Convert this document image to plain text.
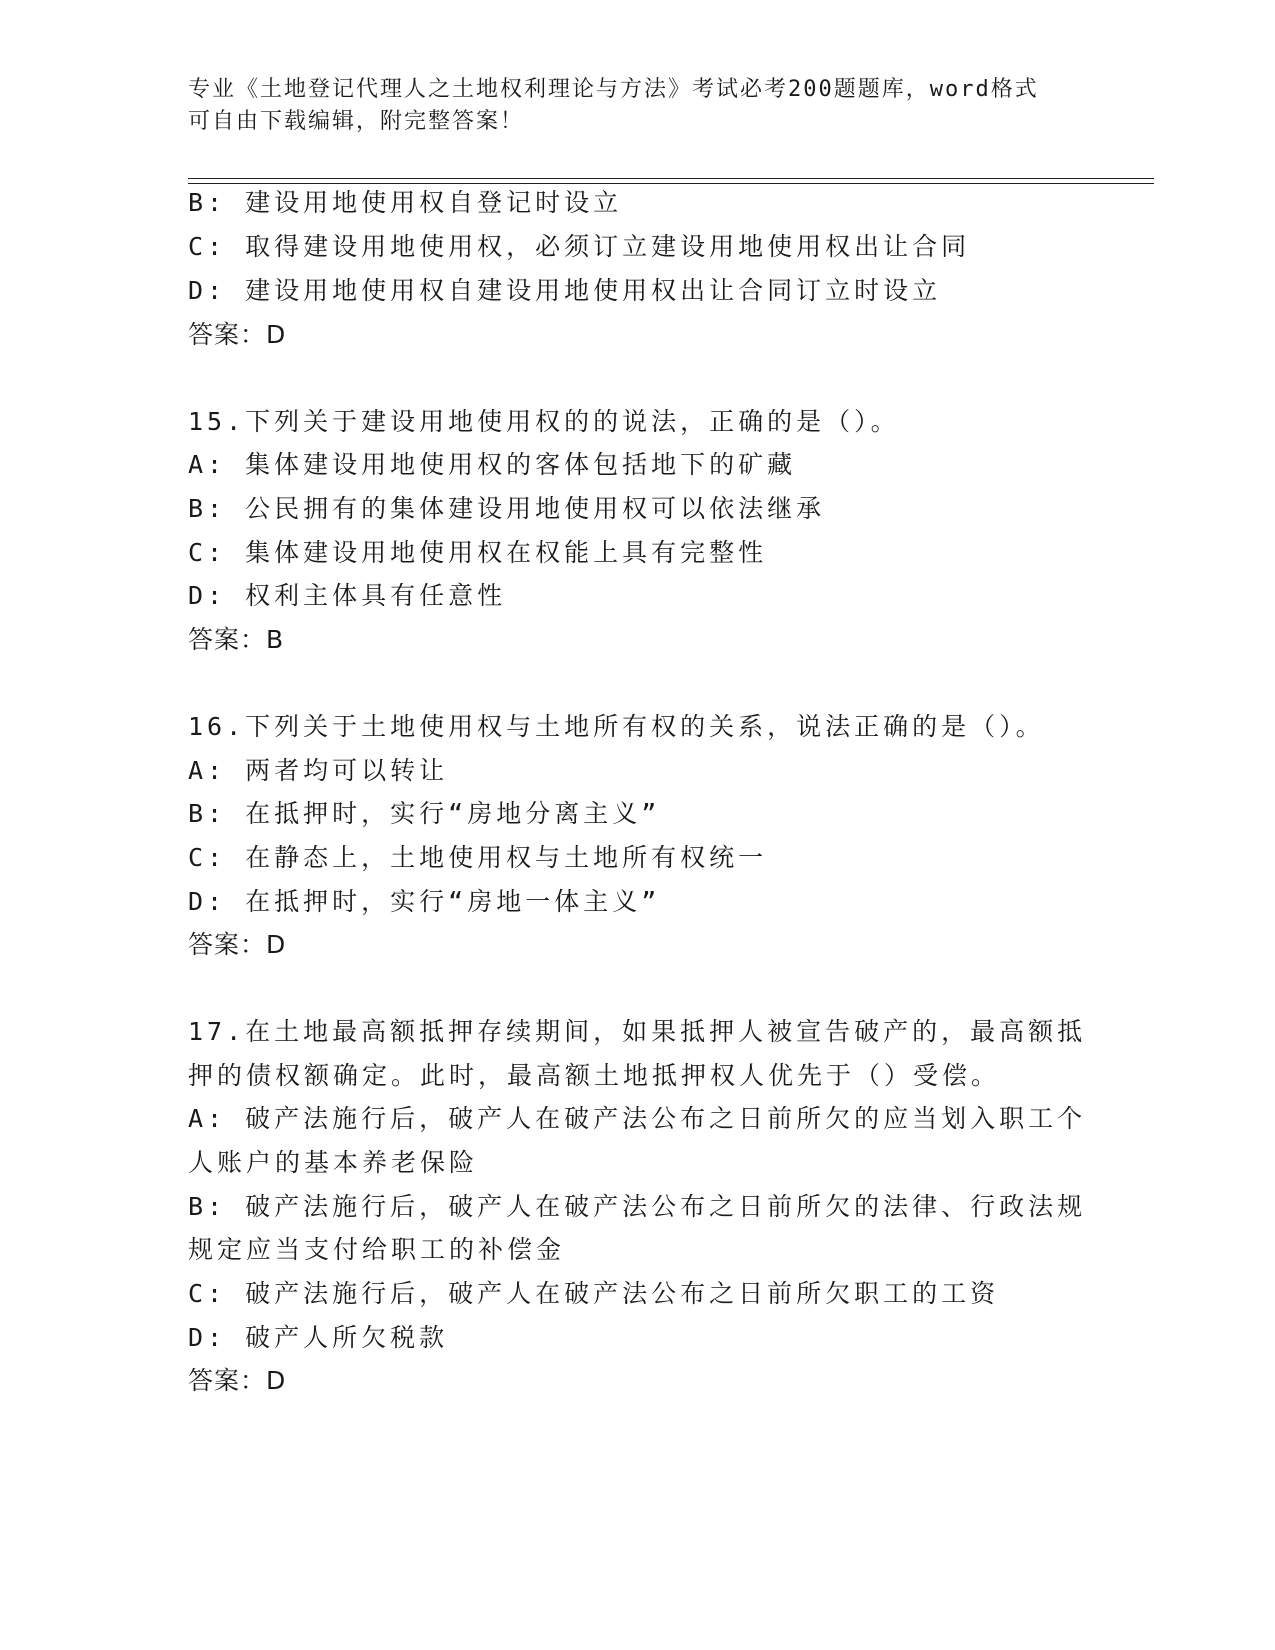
专业《土地登记代理人之土地权利理论与方法》考试必考200题题库，word格式
可自由下载编辑，附完整答案！
B: 建设用地使用权自登记时设立
C: 取得建设用地使用权，必须订立建设用地使用权出让合同
D: 建设用地使用权自建设用地使用权出让合同订立时设立
答案：D
15.下列关于建设用地使用权的的说法，正确的是（）。
A: 集体建设用地使用权的客体包括地下的矿藏
B: 公民拥有的集体建设用地使用权可以依法继承
C: 集体建设用地使用权在权能上具有完整性
D: 权利主体具有任意性
答案：B
16.下列关于土地使用权与土地所有权的关系，说法正确的是（）。
A: 两者均可以转让
B: 在抵押时，实行“房地分离主义”
C: 在静态上，土地使用权与土地所有权统一
D: 在抵押时，实行“房地一体主义”
答案：D
17.在土地最高额抵押存续期间，如果抵押人被宣告破产的，最高额抵
押的债权额确定。此时，最高额土地抵押权人优先于（）受偿。
A: 破产法施行后，破产人在破产法公布之日前所欠的应当划入职工个
人账户的基本养老保险
B: 破产法施行后，破产人在破产法公布之日前所欠的法律、行政法规
规定应当支付给职工的补偿金
C: 破产法施行后，破产人在破产法公布之日前所欠职工的工资
D: 破产人所欠税款
答案：D
